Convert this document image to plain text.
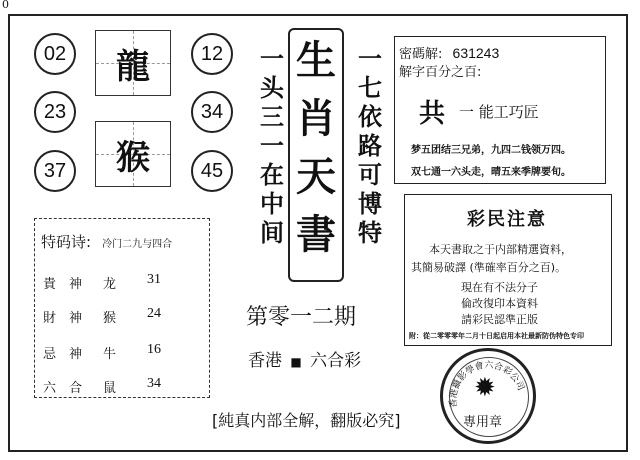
0
02	12
23	34
37	45
龍
猴
一头三一在中间
生肖天書
一七依路可博特
密碼解: 631243
解字百分之百:
共 一 能工巧匠
梦五团结三兄弟，九四二钱领万四。
双七通一六头走，晴五来季牌要旬。
特码诗: 冷门二九与四合
貴　神 龙 31
財　神 猴 24
忌　神 牛 16
六　合 鼠 34
第零一二期
香港 ■ 六合彩
[純真内部全解，翻版必究]
彩民注意
本天書取之于内部精選資料，
其簡易破譯 (準確率百分之百)。
現在有不法分子
倫改復印本資料
請彩民認準正版
附：從二零零零年二月十日起启用本社最新防伪特色专印
香港攝影學會六合彩公司
✹
專用章
